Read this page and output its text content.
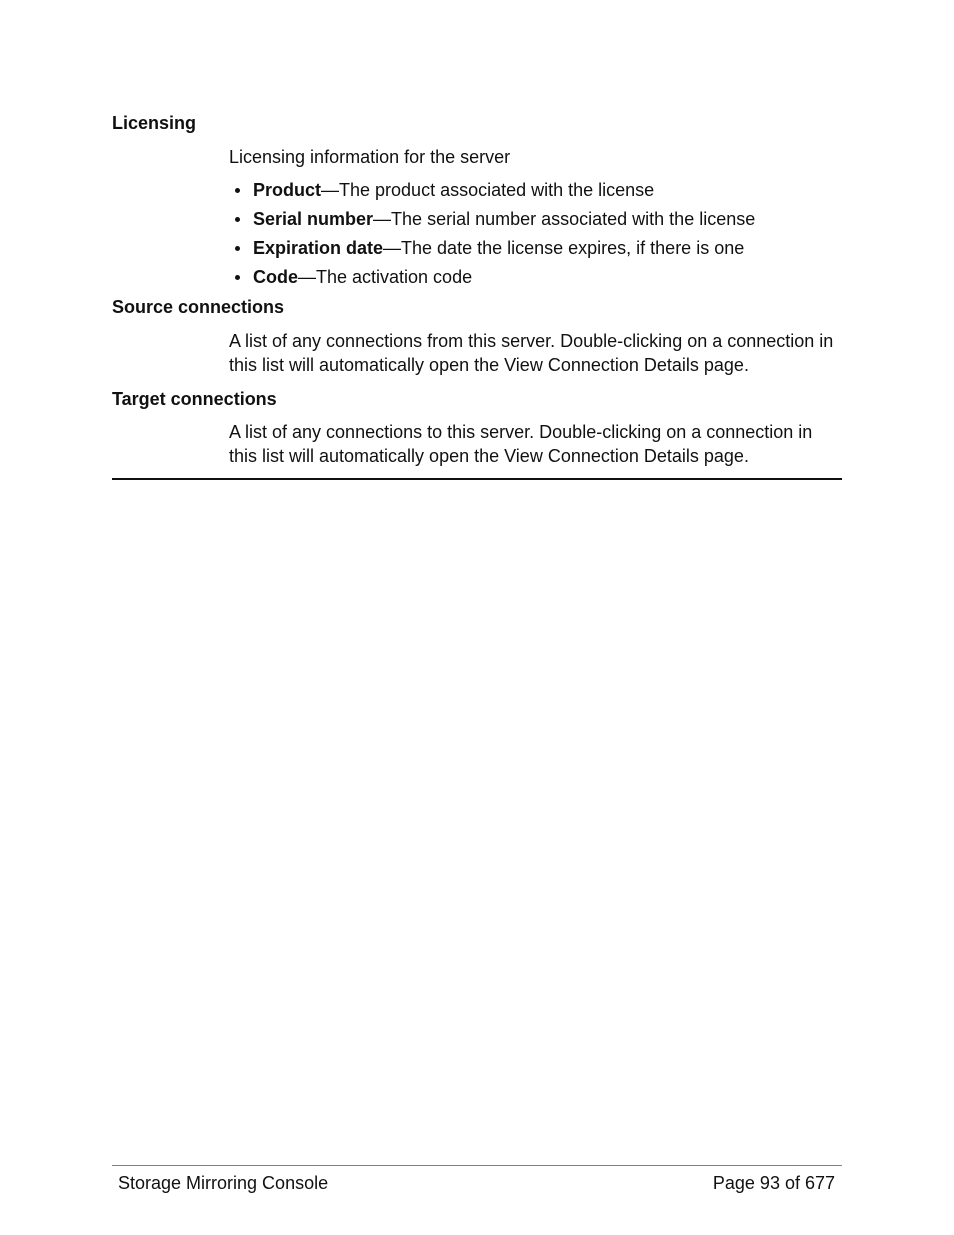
Licensing
Licensing information for the server
Product—The product associated with the license
Serial number—The serial number associated with the license
Expiration date—The date the license expires, if there is one
Code—The activation code
Source connections
A list of any connections from this server. Double-clicking on a connection in this list will automatically open the View Connection Details page.
Target connections
A list of any connections to this server. Double-clicking on a connection in this list will automatically open the View Connection Details page.
Storage Mirroring Console	Page 93 of 677
